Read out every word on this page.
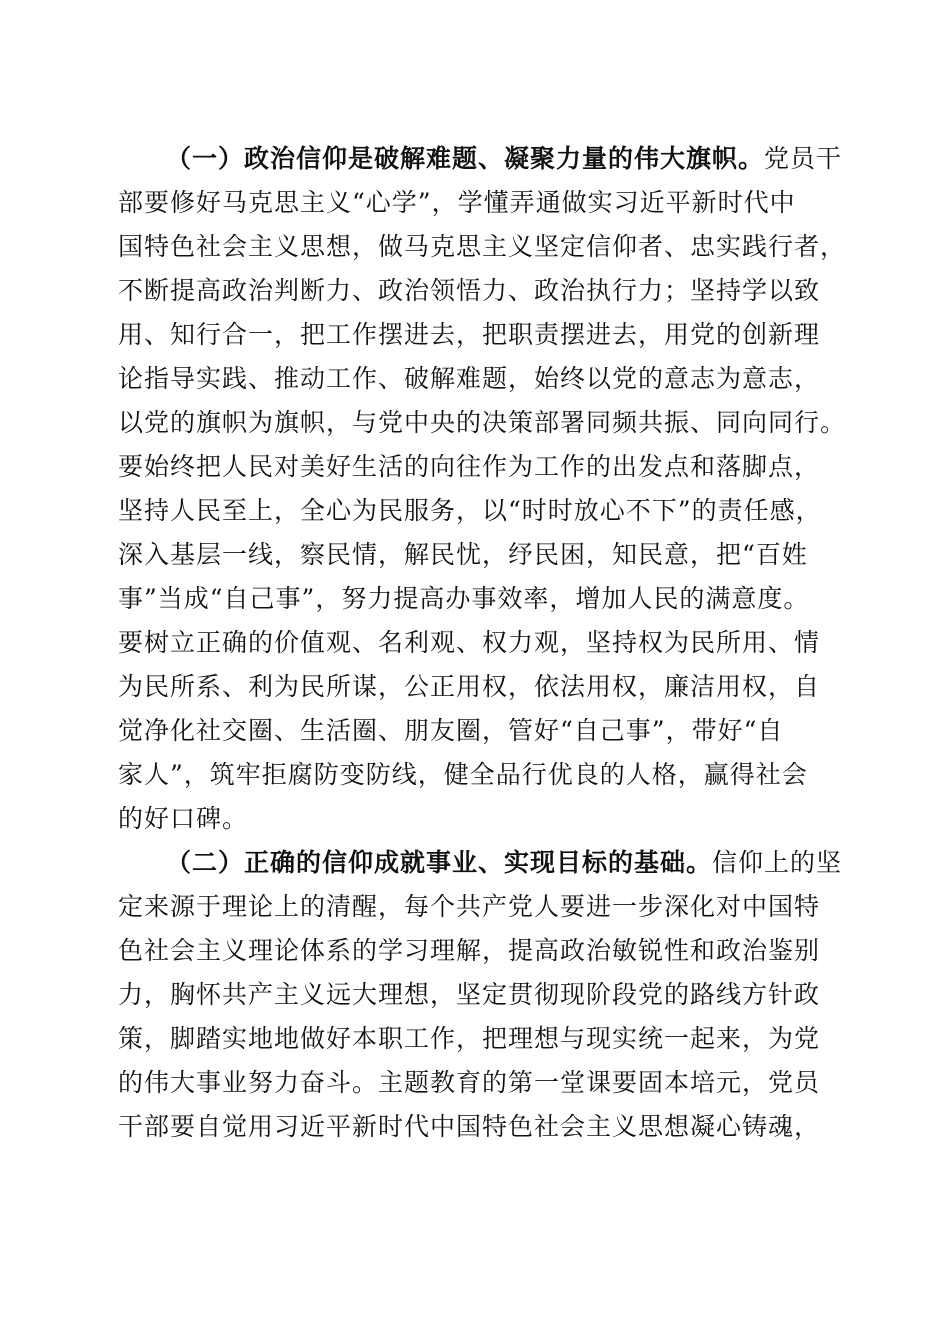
（一）政治信仰是破解难题、凝聚力量的伟大旗帜。党员干
部要修好马克思主义“心学”，学懂弄通做实习近平新时代中
国特色社会主义思想，做马克思主义坚定信仰者、忠实践行者，
不断提高政治判断力、政治领悟力、政治执行力；坚持学以致
用、知行合一，把工作摆进去，把职责摆进去，用党的创新理
论指导实践、推动工作、破解难题，始终以党的意志为意志，
以党的旗帜为旗帜，与党中央的决策部署同频共振、同向同行。
要始终把人民对美好生活的向往作为工作的出发点和落脚点，
坚持人民至上，全心为民服务，以“时时放心不下”的责任感，
深入基层一线，察民情，解民忧，纾民困，知民意，把“百姓
事”当成“自己事”，努力提高办事效率，增加人民的满意度。
要树立正确的价值观、名利观、权力观，坚持权为民所用、情
为民所系、利为民所谋，公正用权，依法用权，廉洁用权，自
觉净化社交圈、生活圈、朋友圈，管好“自己事”，带好“自
家人”，筑牢拒腐防变防线，健全品行优良的人格，赢得社会
的好口碑。
（二）正确的信仰成就事业、实现目标的基础。信仰上的坚
定来源于理论上的清醒，每个共产党人要进一步深化对中国特
色社会主义理论体系的学习理解，提高政治敏锐性和政治鉴别
力，胸怀共产主义远大理想，坚定贯彻现阶段党的路线方针政
策，脚踏实地地做好本职工作，把理想与现实统一起来，为党
的伟大事业努力奋斗。主题教育的第一堂课要固本培元，党员
干部要自觉用习近平新时代中国特色社会主义思想凝心铸魂，
